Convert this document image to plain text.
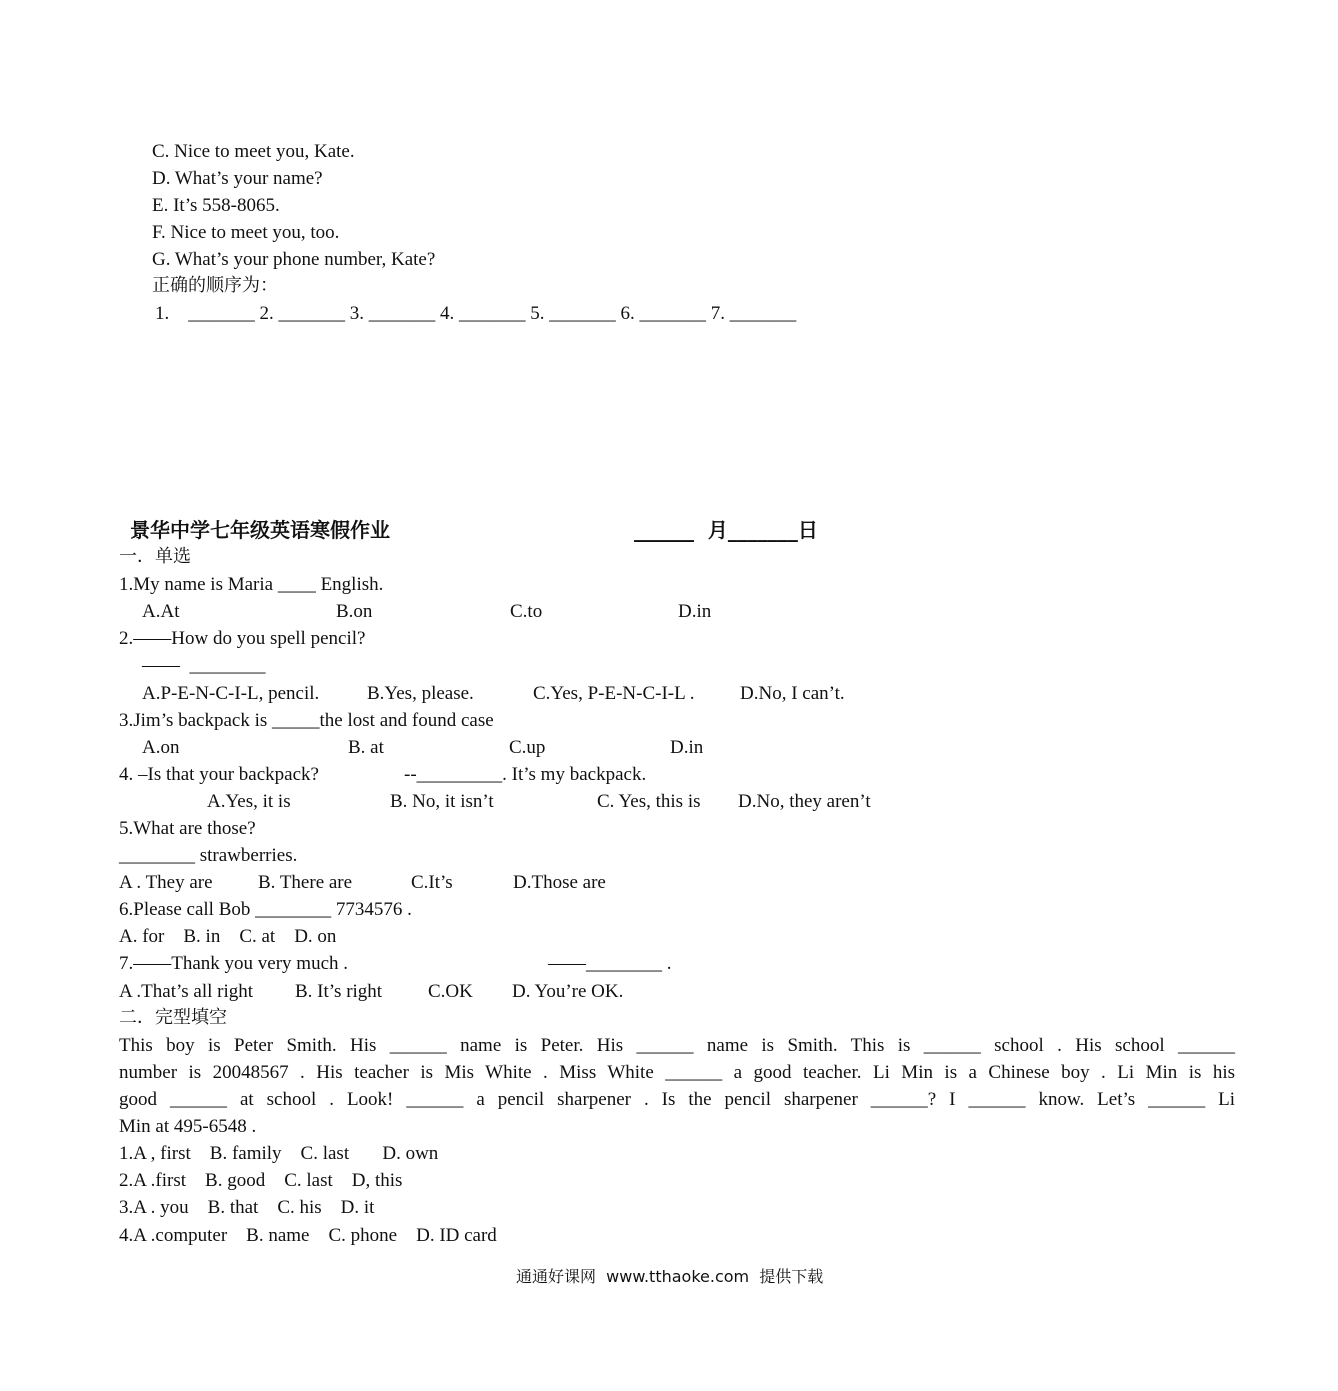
C. Nice to meet you, Kate.
D. What’s your name?
E. It’s 558-8065.
F. Nice to meet you, too.
G. What’s your phone number, Kate?
正确的顺序为：
1.    _______ 2. _______ 3. _______ 4. _______ 5. _______ 6. _______ 7. _______
景华中学七年级英语寒假作业	______  月_______日
一．单选
1.My name is Maria ____ English.
A.At	B.on	C.to	D.in
2.——How do you spell pencil?
——  ________
A.P-E-N-C-I-L, pencil.	B.Yes, please.	C.Yes, P-E-N-C-I-L . D.No, I can’t.
3.Jim’s backpack is _____the lost and found case
A.on	B. at	C.up	D.in
4. –Is that your backpack?	--_________. It’s my backpack.
A.Yes, it is	B. No, it isn’t	C. Yes, this is D.No, they aren’t
5.What are those?
________ strawberries.
A . They are B. There are	C.It’s	D.Those are
6.Please call Bob ________ 7734576 .
A. for    B. in    C. at    D. on
7.——Thank you very much .	——________ .
A .That’s all right B. It’s right C.OK D. You’re OK.
二．完型填空
This boy is Peter Smith. His ______ name is Peter. His ______ name is Smith. This is ______ school . His school ______
number is 20048567 . His teacher is Mis White . Miss White ______ a good teacher. Li Min is a Chinese boy . Li Min is his
good ______ at school . Look! ______ a pencil sharpener . Is the pencil sharpener ______? I ______ know. Let’s ______ Li
Min at 495-6548 .
1.A , first    B. family    C. last       D. own
2.A .first    B. good    C. last    D, this
3.A . you    B. that    C. his    D. it
4.A .computer    B. name    C. phone    D. ID card
通通好课网  www.tthaoke.com  提供下载
